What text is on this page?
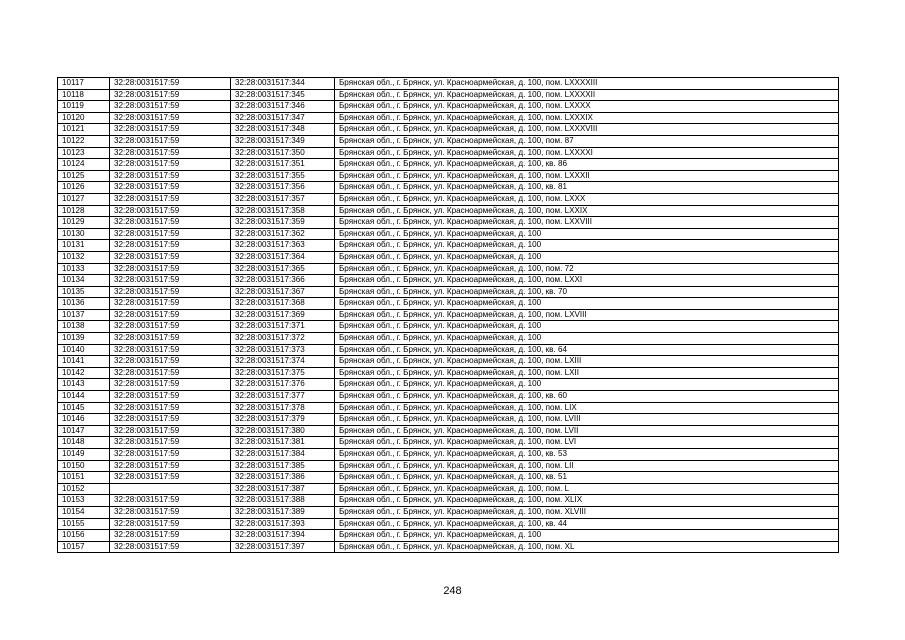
10117	32:28:0031517:59	32:28:0031517:344	Брянская обл., г. Брянск, ул. Красноармейская, д. 100, пом. LXXXXIII
10118	32:28:0031517:59	32:28:0031517:345	Брянская обл., г. Брянск, ул. Красноармейская, д. 100, пом. LXXXXII
10119	32:28:0031517:59	32:28:0031517:346	Брянская обл., г. Брянск, ул. Красноармейская, д. 100, пом. LXXXX
10120	32:28:0031517:59	32:28:0031517:347	Брянская обл., г. Брянск, ул. Красноармейская, д. 100, пом. LXXXIX
10121	32:28:0031517:59	32:28:0031517:348	Брянская обл., г. Брянск, ул. Красноармейская, д. 100, пом. LXXXVIII
10122	32:28:0031517:59	32:28:0031517:349	Брянская обл., г. Брянск, ул. Красноармейская, д. 100, пом. 87
10123	32:28:0031517:59	32:28:0031517:350	Брянская обл., г. Брянск, ул. Красноармейская, д. 100, пом. LXXXXI
10124	32:28:0031517:59	32:28:0031517:351	Брянская обл., г. Брянск, ул. Красноармейская, д. 100, кв. 86
10125	32:28:0031517:59	32:28:0031517:355	Брянская обл., г. Брянск, ул. Красноармейская, д. 100, пом. LXXXII
10126	32:28:0031517:59	32:28:0031517:356	Брянская обл., г. Брянск, ул. Красноармейская, д. 100, кв. 81
10127	32:28:0031517:59	32:28:0031517:357	Брянская обл., г. Брянск, ул. Красноармейская, д. 100, пом. LXXX
10128	32:28:0031517:59	32:28:0031517:358	Брянская обл., г. Брянск, ул. Красноармейская, д. 100, пом. LXXIX
10129	32:28:0031517:59	32:28:0031517:359	Брянская обл., г. Брянск, ул. Красноармейская, д. 100, пом. LXXVIII
10130	32:28:0031517:59	32:28:0031517:362	Брянская обл., г. Брянск, ул. Красноармейская, д. 100
10131	32:28:0031517:59	32:28:0031517:363	Брянская обл., г. Брянск, ул. Красноармейская, д. 100
10132	32:28:0031517:59	32:28:0031517:364	Брянская обл., г. Брянск, ул. Красноармейская, д. 100
10133	32:28:0031517:59	32:28:0031517:365	Брянская обл., г. Брянск, ул. Красноармейская, д. 100, пом. 72
10134	32:28:0031517:59	32:28:0031517:366	Брянская обл., г. Брянск, ул. Красноармейская, д. 100, пом. LXXI
10135	32:28:0031517:59	32:28:0031517:367	Брянская обл., г. Брянск, ул. Красноармейская, д. 100, кв. 70
10136	32:28:0031517:59	32:28:0031517:368	Брянская обл., г. Брянск, ул. Красноармейская, д. 100
10137	32:28:0031517:59	32:28:0031517:369	Брянская обл., г. Брянск, ул. Красноармейская, д. 100, пом. LXVIII
10138	32:28:0031517:59	32:28:0031517:371	Брянская обл., г. Брянск, ул. Красноармейская, д. 100
10139	32:28:0031517:59	32:28:0031517:372	Брянская обл., г. Брянск, ул. Красноармейская, д. 100
10140	32:28:0031517:59	32:28:0031517:373	Брянская обл., г. Брянск, ул. Красноармейская, д. 100, кв. 64
10141	32:28:0031517:59	32:28:0031517:374	Брянская обл., г. Брянск, ул. Красноармейская, д. 100, пом. LXIII
10142	32:28:0031517:59	32:28:0031517:375	Брянская обл., г. Брянск, ул. Красноармейская, д. 100, пом. LXII
10143	32:28:0031517:59	32:28:0031517:376	Брянская обл., г. Брянск, ул. Красноармейская, д. 100
10144	32:28:0031517:59	32:28:0031517:377	Брянская обл., г. Брянск, ул. Красноармейская, д. 100, кв. 60
10145	32:28:0031517:59	32:28:0031517:378	Брянская обл., г. Брянск, ул. Красноармейская, д. 100, пом. LIX
10146	32:28:0031517:59	32:28:0031517:379	Брянская обл., г. Брянск, ул. Красноармейская, д. 100, пом. LVIII
10147	32:28:0031517:59	32:28:0031517:380	Брянская обл., г. Брянск, ул. Красноармейская, д. 100, пом. LVII
10148	32:28:0031517:59	32:28:0031517:381	Брянская обл., г. Брянск, ул. Красноармейская, д. 100, пом. LVI
10149	32:28:0031517:59	32:28:0031517:384	Брянская обл., г. Брянск, ул. Красноармейская, д. 100, кв. 53
10150	32:28:0031517:59	32:28:0031517:385	Брянская обл., г. Брянск, ул. Красноармейская, д. 100, пом. LII
10151	32:28:0031517:59	32:28:0031517:386	Брянская обл., г. Брянск, ул. Красноармейская, д. 100, кв. 51
10152		32:28:0031517:387	Брянская обл., г. Брянск, ул. Красноармейская, д. 100, пом. L
10153	32:28:0031517:59	32:28:0031517:388	Брянская обл., г. Брянск, ул. Красноармейская, д. 100, пом. XLIX
10154	32:28:0031517:59	32:28:0031517:389	Брянская обл., г. Брянск, ул. Красноармейская, д. 100, пом. XLVIII
10155	32:28:0031517:59	32:28:0031517:393	Брянская обл., г. Брянск, ул. Красноармейская, д. 100, кв. 44
10156	32:28:0031517:59	32:28:0031517:394	Брянская обл., г. Брянск, ул. Красноармейская, д. 100
10157	32:28:0031517:59	32:28:0031517:397	Брянская обл., г. Брянск, ул. Красноармейская, д. 100, пом. XL
248
